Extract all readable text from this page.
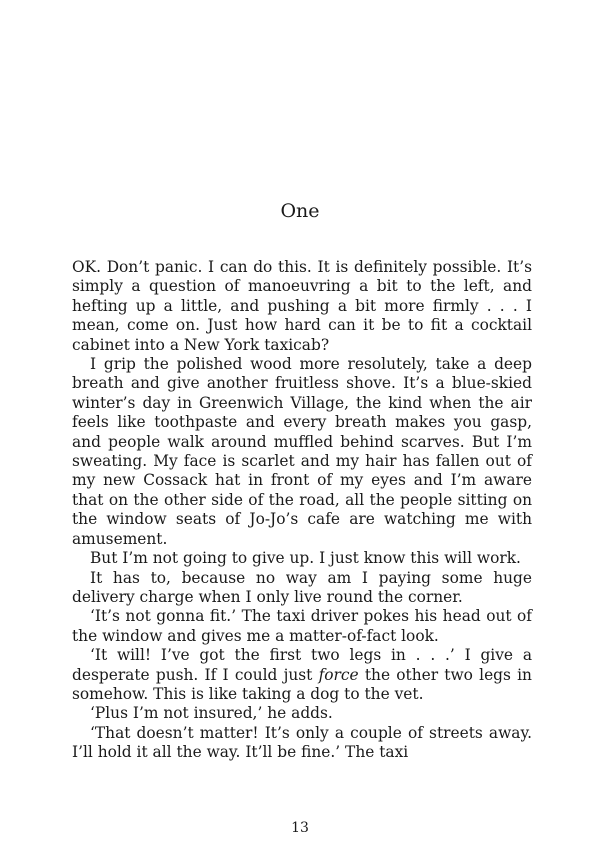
One

OK. Don’t panic. I can do this. It is definitely possible. It’s simply a question of manoeuvring a bit to the left, and hefting up a little, and pushing a bit more firmly . . . I mean, come on. Just how hard can it be to fit a cocktail cabinet into a New York taxicab?

I grip the polished wood more resolutely, take a deep breath and give another fruitless shove. It’s a blue-skied winter’s day in Greenwich Village, the kind when the air feels like toothpaste and every breath makes you gasp, and people walk around muffled behind scarves. But I’m sweating. My face is scarlet and my hair has fallen out of my new Cossack hat in front of my eyes and I’m aware that on the other side of the road, all the people sitting on the window seats of Jo-Jo’s cafe are watching me with amusement.

But I’m not going to give up. I just know this will work.

It has to, because no way am I paying some huge delivery charge when I only live round the corner.

‘It’s not gonna fit.’ The taxi driver pokes his head out of the window and gives me a matter-of-fact look.

‘It will! I’ve got the first two legs in . . .’ I give a desperate push. If I could just force the other two legs in somehow. This is like taking a dog to the vet.

‘Plus I’m not insured,’ he adds.

‘That doesn’t matter! It’s only a couple of streets away. I’ll hold it all the way. It’ll be fine.’ The taxi

13
